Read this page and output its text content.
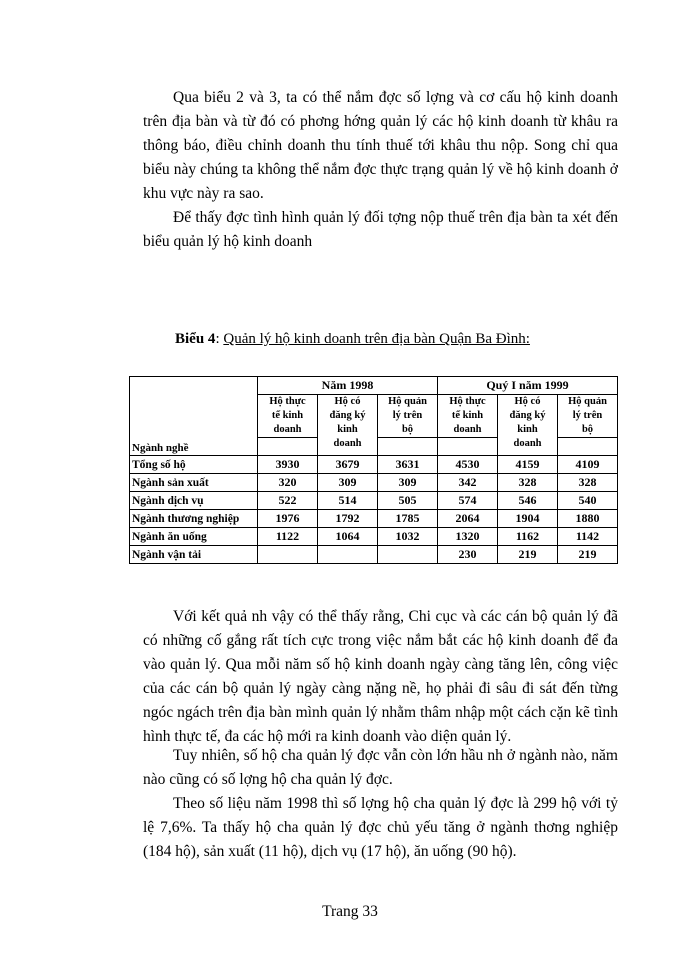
Qua biểu 2 và 3, ta có thể nắm đợc số lợng và cơ cấu hộ kinh doanh trên địa bàn và từ đó có phơng hớng quản lý các hộ kinh doanh từ khâu ra thông báo, điều chỉnh doanh thu tính thuế tới khâu thu nộp. Song chỉ qua biểu này chúng ta không thể nắm đợc thực trạng quản lý về hộ kinh doanh ở khu vực này ra sao.

Để thấy đợc tình hình quản lý đối tợng nộp thuế trên địa bàn ta xét đến biểu quản lý hộ kinh doanh

Biểu 4: Quản lý hộ kinh doanh trên địa bàn Quận Ba Đình:

Ngành nghề	Năm 1998			Quý I năm 1999		
	Hộ thực
tế kinh
doanh	Hộ có
đăng ký
kinh
doanh	Hộ quản
lý trên
bộ	Hộ thực
tế kinh
doanh	Hộ có
đăng ký
kinh
doanh	Hộ quản
lý trên
bộ

Tổng số hộ	3930	3679	3631	4530	4159	4109
Ngành sản xuất	320	309	309	342	328	328
Ngành dịch vụ	522	514	505	574	546	540
Ngành thương nghiệp	1976	1792	1785	2064	1904	1880
Ngành ăn uống	1122	1064	1032	1320	1162	1142
Ngành vận tải				230	219	219

Với kết quả nh vậy có thể thấy rằng, Chi cục và các cán bộ quản lý đã có những cố gắng rất tích cực trong việc nắm bắt các hộ kinh doanh để đa vào quản lý. Qua mỗi năm số hộ kinh doanh ngày càng tăng lên, công việc của các cán bộ quản lý ngày càng nặng nề, họ phải đi sâu đi sát đến từng ngóc ngách trên địa bàn mình quản lý nhằm thâm nhập một cách cặn kẽ tình hình thực tế, đa các hộ mới ra kinh doanh vào diện quản lý.

Tuy nhiên, số hộ cha quản lý đợc vẫn còn lớn hầu nh ở ngành nào, năm nào cũng có số lợng hộ cha quản lý đợc.

Theo số liệu năm 1998 thì số lợng hộ cha quản lý đợc là 299 hộ với tỷ lệ 7,6%. Ta thấy hộ cha quản lý đợc chủ yếu tăng ở ngành thơng nghiệp (184 hộ), sản xuất (11 hộ), dịch vụ (17 hộ), ăn uống (90 hộ).

Trang 33
